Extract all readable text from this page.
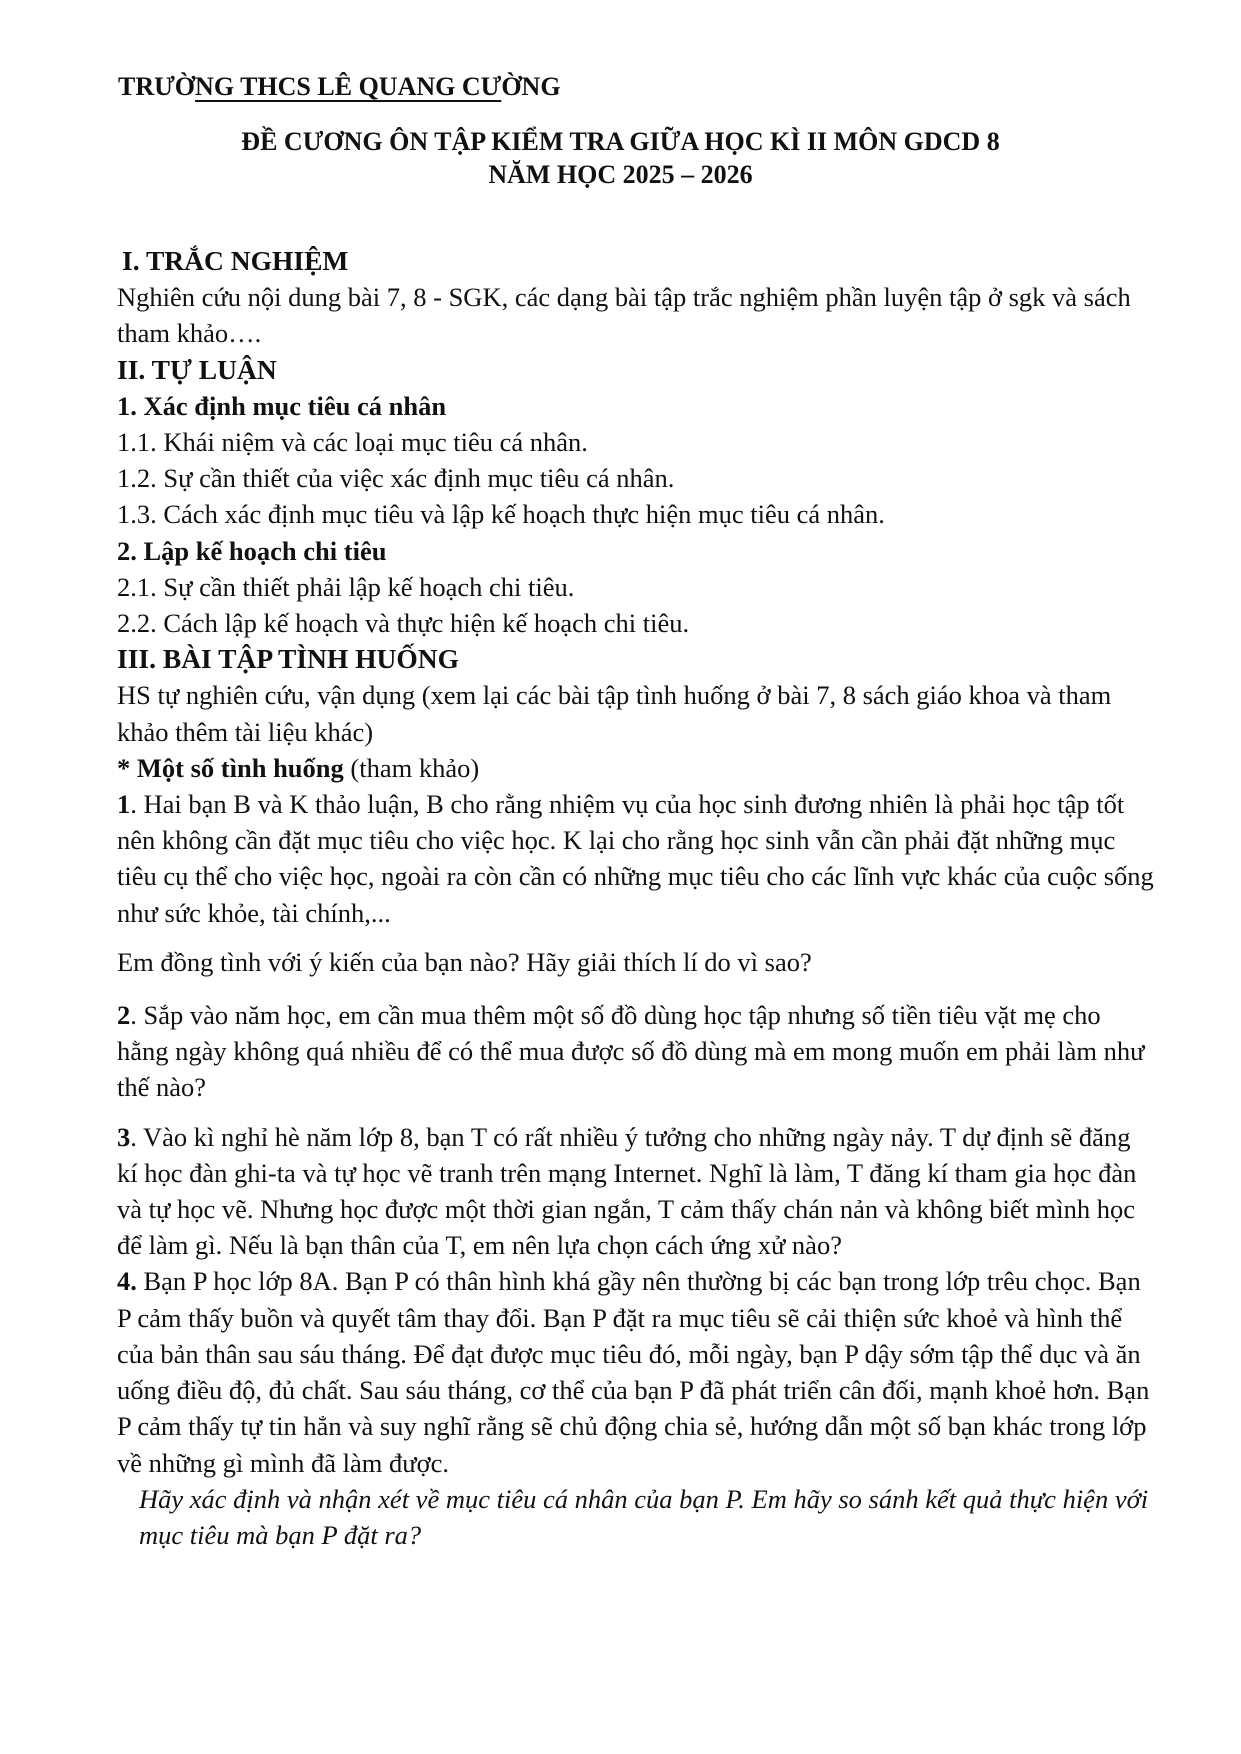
TRƯỜNG THCS LÊ QUANG CƯỜNG
ĐỀ CƯƠNG ÔN TẬP KIỂM TRA GIỮA HỌC KÌ II MÔN GDCD 8
NĂM HỌC 2025 – 2026

I. TRẮC NGHIỆM

Nghiên cứu nội dung bài 7, 8 - SGK, các dạng bài tập trắc nghiệm phần luyện tập ở sgk và sách tham khảo….

II. TỰ LUẬN

1. Xác định mục tiêu cá nhân

1.1. Khái niệm và các loại mục tiêu cá nhân.

1.2. Sự cần thiết của việc xác định mục tiêu cá nhân.

1.3. Cách xác định mục tiêu và lập kế hoạch thực hiện mục tiêu cá nhân.

2. Lập kế hoạch chi tiêu

2.1. Sự cần thiết phải lập kế hoạch chi tiêu.

2.2. Cách lập kế hoạch và thực hiện kế hoạch chi tiêu.

III. BÀI TẬP TÌNH HUỐNG

HS tự nghiên cứu, vận dụng (xem lại các bài tập tình huống ở bài 7, 8 sách giáo khoa và tham khảo thêm tài liệu khác)

* Một số tình huống (tham khảo)

1. Hai bạn B và K thảo luận, B cho rằng nhiệm vụ của học sinh đương nhiên là phải học tập tốt nên không cần đặt mục tiêu cho việc học. K lại cho rằng học sinh vẫn cần phải đặt những mục tiêu cụ thể cho việc học, ngoài ra còn cần có những mục tiêu cho các lĩnh vực khác của cuộc sống như sức khỏe, tài chính,...

Em đồng tình với ý kiến của bạn nào? Hãy giải thích lí do vì sao?

2. Sắp vào năm học, em cần mua thêm một số đồ dùng học tập nhưng số tiền tiêu vặt mẹ cho hằng ngày không quá nhiều để có thể mua được số đồ dùng mà em mong muốn em phải làm như thế nào?

3. Vào kì nghỉ hè năm lớp 8, bạn T có rất nhiều ý tưởng cho những ngày nảy. T dự định sẽ đăng kí học đàn ghi-ta và tự học vẽ tranh trên mạng Internet. Nghĩ là làm, T đăng kí tham gia học đàn và tự học vẽ. Nhưng học được một thời gian ngắn, T cảm thấy chán nản và không biết mình học để làm gì. Nếu là bạn thân của T, em nên lựa chọn cách ứng xử nào?

4. Bạn P học lớp 8A. Bạn P có thân hình khá gầy nên thường bị các bạn trong lớp trêu chọc. Bạn P cảm thấy buồn và quyết tâm thay đổi. Bạn P đặt ra mục tiêu sẽ cải thiện sức khoẻ và hình thể của bản thân sau sáu tháng. Để đạt được mục tiêu đó, mỗi ngày, bạn P dậy sớm tập thể dục và ăn uống điều độ, đủ chất. Sau sáu tháng, cơ thể của bạn P đã phát triển cân đối, mạnh khoẻ hơn. Bạn P cảm thấy tự tin hẳn và suy nghĩ rằng sẽ chủ động chia sẻ, hướng dẫn một số bạn khác trong lớp về những gì mình đã làm được.

Hãy xác định và nhận xét về mục tiêu cá nhân của bạn P. Em hãy so sánh kết quả thực hiện với mục tiêu mà bạn P đặt ra?
